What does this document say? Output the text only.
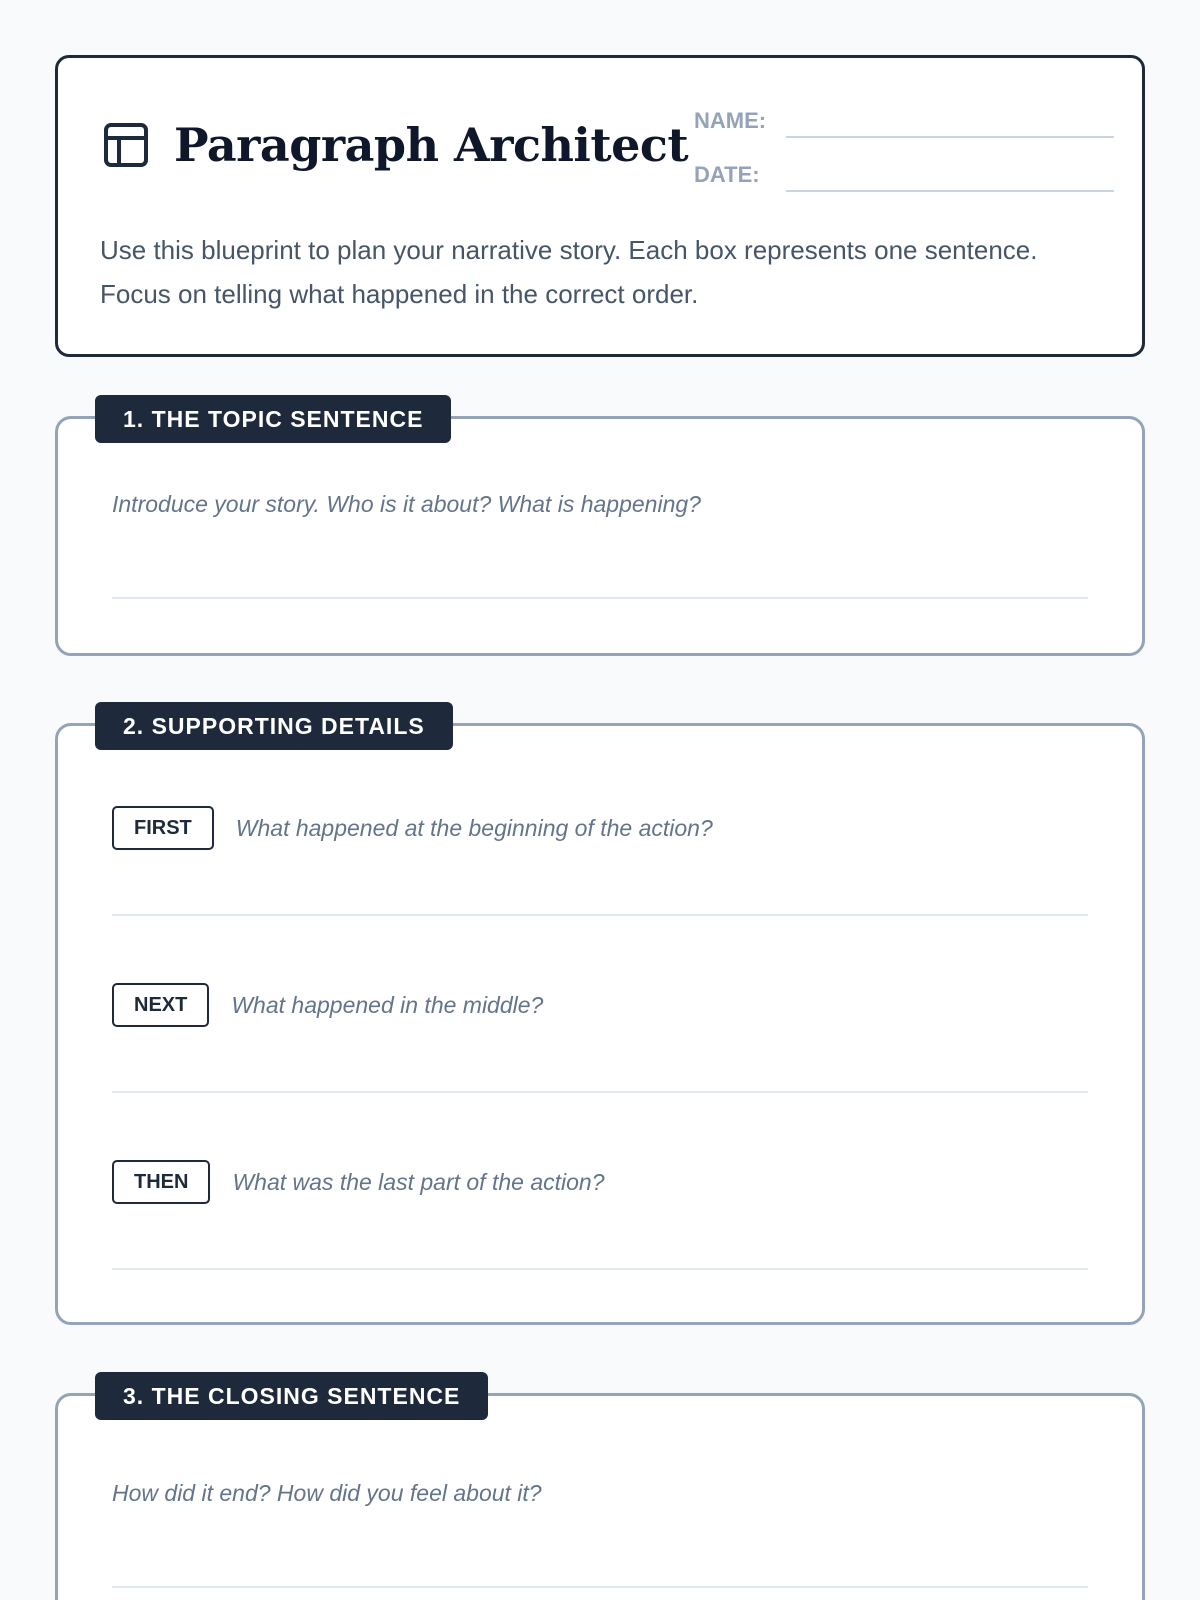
Paragraph Architect NAME:
DATE:
Use this blueprint to plan your narrative story. Each box represents one sentence. Focus on telling what happened in the correct order.
1. THE TOPIC SENTENCE
Introduce your story. Who is it about? What is happening?
2. SUPPORTING DETAILS
FIRST	What happened at the beginning of the action?
NEXT	What happened in the middle?
THEN	What was the last part of the action?
3. THE CLOSING SENTENCE
How did it end? How did you feel about it?
